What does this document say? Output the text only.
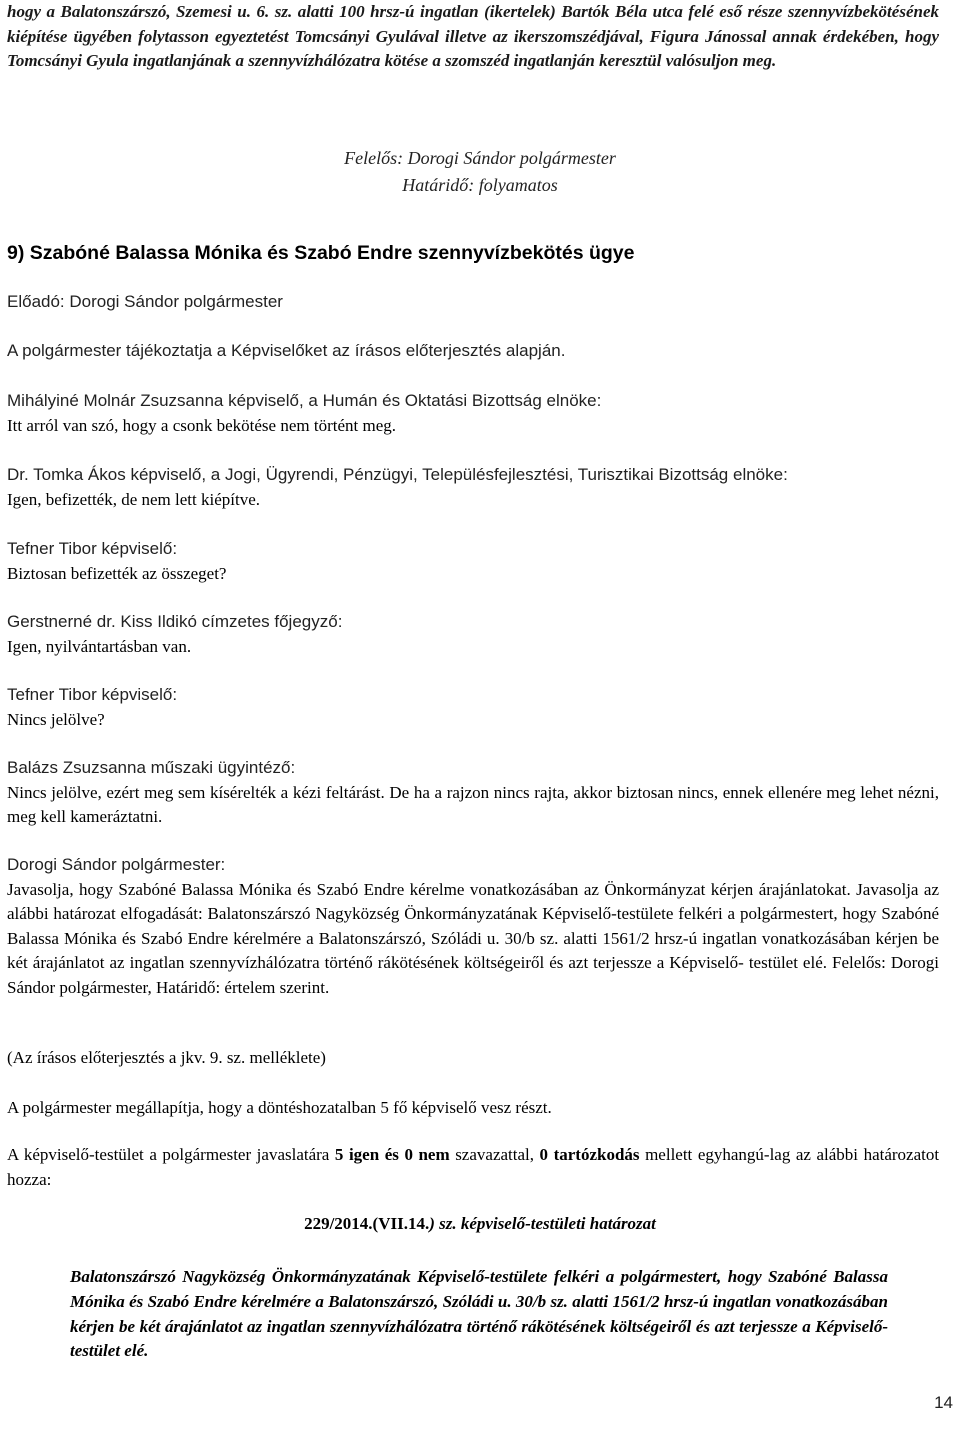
hogy a Balatonszárszó, Szemesi u. 6. sz. alatti 100 hrsz-ú ingatlan (ikertelek) Bartók Béla utca felé eső része szennyvízbekötésének kiépítése ügyében folytasson egyeztetést Tomcsányi Gyulával illetve az ikerszomszédjával, Figura Jánossal annak érdekében, hogy Tomcsányi Gyula ingatlanjának a szennyvízhálózatra kötése a szomszéd ingatlanján keresztül valósuljon meg.
Felelős: Dorogi Sándor polgármester
Határidő: folyamatos
9) Szabóné Balassa Mónika és Szabó Endre szennyvízbekötés ügye
Előadó: Dorogi Sándor polgármester
A polgármester tájékoztatja a Képviselőket az írásos előterjesztés alapján.
Mihályiné Molnár Zsuzsanna képviselő, a Humán és Oktatási Bizottság elnöke:
Itt arról van szó, hogy a csonk bekötése nem történt meg.
Dr. Tomka Ákos képviselő, a Jogi, Ügyrendi, Pénzügyi, Településfejlesztési, Turisztikai Bizottság elnöke:
Igen, befizették, de nem lett kiépítve.
Tefner Tibor képviselő:
Biztosan befizették az összeget?
Gerstnerné dr. Kiss Ildikó címzetes főjegyző:
Igen, nyilvántartásban van.
Tefner Tibor képviselő:
Nincs jelölve?
Balázs Zsuzsanna műszaki ügyintéző:
Nincs jelölve, ezért meg sem kísérelték a kézi feltárást. De ha a rajzon nincs rajta, akkor biztosan nincs, ennek ellenére meg lehet nézni, meg kell kameráztatni.
Dorogi Sándor polgármester:
Javasolja, hogy Szabóné Balassa Mónika és Szabó Endre kérelme vonatkozásában az Önkormányzat kérjen árajánlatokat. Javasolja az alábbi határozat elfogadását: Balatonszárszó Nagyközség Önkormányzatának Képviselő-testülete felkéri a polgármestert, hogy Szabóné Balassa Mónika és Szabó Endre kérelmére a Balatonszárszó, Szóládi u. 30/b sz. alatti 1561/2 hrsz-ú ingatlan vonatkozásában kérjen be két árajánlatot az ingatlan szennyvízhálózatra történő rákötésének költségeiről és azt terjessze a Képviselő- testület elé. Felelős: Dorogi Sándor polgármester, Határidő: értelem szerint.
(Az írásos előterjesztés a jkv. 9. sz. melléklete)
A polgármester megállapítja, hogy a döntéshozatalban 5 fő képviselő vesz részt.
A képviselő-testület a polgármester javaslatára 5 igen és 0 nem szavazattal, 0 tartózkodás mellett egyhangú-lag az alábbi határozatot hozza:
229/2014.(VII.14.) sz. képviselő-testületi határozat
Balatonszárszó Nagyközség Önkormányzatának Képviselő-testülete felkéri a polgármestert, hogy Szabóné Balassa Mónika és Szabó Endre kérelmére a Balatonszárszó, Szóládi u. 30/b sz. alatti 1561/2 hrsz-ú ingatlan vonatkozásában kérjen be két árajánlatot az ingatlan szennyvízhálózatra történő rákötésének költségeiről és azt terjessze a Képviselő- testület elé.
14
